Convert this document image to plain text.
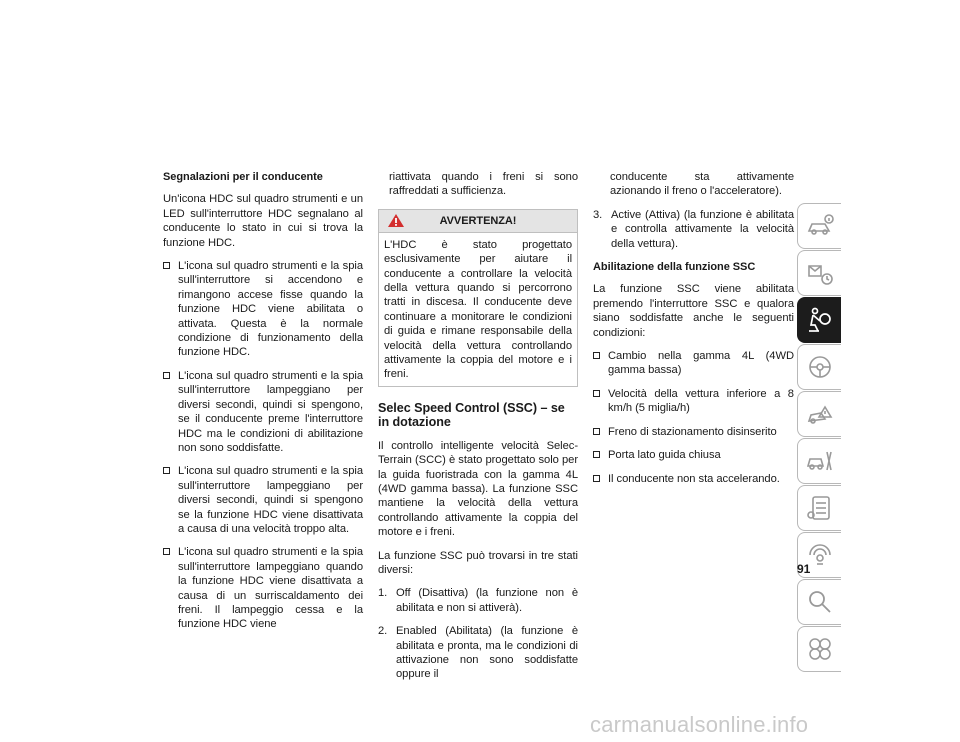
Segnalazioni per il conducente

Un'icona HDC sul quadro strumenti e un LED sull'interruttore HDC segnalano al conducente lo stato in cui si trova la funzione HDC.

L'icona sul quadro strumenti e la spia sull'interruttore si accendono e rimangono accese fisse quando la funzione HDC viene abilitata o attivata. Questa è la normale condizione di funzionamento della funzione HDC.
L'icona sul quadro strumenti e la spia sull'interruttore lampeggiano per diversi secondi, quindi si spengono, se il conducente preme l'interruttore HDC ma le condizioni di abilitazione non sono soddisfatte.
L'icona sul quadro strumenti e la spia sull'interruttore lampeggiano per diversi secondi, quindi si spengono se la funzione HDC viene disattivata a causa di una velocità troppo alta.
L'icona sul quadro strumenti e la spia sull'interruttore lampeggiano quando la funzione HDC viene disattivata a causa di un surriscaldamento dei freni. Il lampeggio cessa e la funzione HDC viene

riattivata quando i freni si sono raffreddati a sufficienza.

AVVERTENZA!
L'HDC è stato progettato esclusivamente per aiutare il conducente a controllare la velocità della vettura quando si percorrono tratti in discesa. Il conducente deve continuare a monitorare le condizioni di guida e rimane responsabile della velocità della vettura controllando attivamente la coppia del motore e i freni.
Selec Speed Control (SSC) – se in dotazione

Il controllo intelligente velocità Selec-Terrain (SCC) è stato progettato solo per la guida fuoristrada con la gamma 4L (4WD gamma bassa). La funzione SSC mantiene la velocità della vettura controllando attivamente la coppia del motore e i freni.

La funzione SSC può trovarsi in tre stati diversi:

1. Off (Disattiva) (la funzione non è abilitata e non si attiverà).
2. Enabled (Abilitata) (la funzione è abilitata e pronta, ma le condizioni di attivazione non sono soddisfatte oppure il

conducente sta attivamente azionando il freno o l'acceleratore).

3. Active (Attiva) (la funzione è abilitata e controlla attivamente la velocità della vettura).
Abilitazione della funzione SSC

La funzione SSC viene abilitata premendo l'interruttore SSC e qualora siano soddisfatte anche le seguenti condizioni:

Cambio nella gamma 4L (4WD gamma bassa)
Velocità della vettura inferiore a 8 km/h (5 miglia/h)
Freno di stazionamento disinserito
Porta lato guida chiusa
Il conducente non sta accelerando.
91
carmanualsonline.info
